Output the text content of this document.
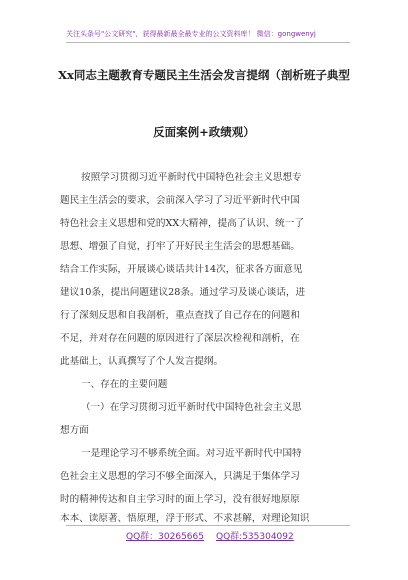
关注头条号"公文研究"，获得最新最全最专业的公文资料库！ 微信：gongwenyj
Xx同志主题教育专题民主生活会发言提纲（剖析班子典型
反面案例+政绩观）
按照学习贯彻习近平新时代中国特色社会主义思想专
题民主生活会的要求，会前深入学习了习近平新时代中国
特色社会主义思想和党的XX大精神，提高了认识、统一了
思想、增强了自觉，打牢了开好民主生活会的思想基础。
结合工作实际，开展谈心谈话共计14次，征求各方面意见
建议10条，提出问题建议28条。通过学习及谈心谈话，进
行了深刻反思和自我剖析，重点查找了自己存在的问题和
不足，并对存在问题的原因进行了深层次检视和剖析，在
此基础上，认真撰写了个人发言提纲。
一、存在的主要问题
（一）在学习贯彻习近平新时代中国特色社会主义思
想方面
一是理论学习不够系统全面。对习近平新时代中国特
色社会主义思想的学习不够全面深入，只满足于集体学习
时的精神传达和自主学习时的面上学习，没有很好地原原
本本、读原著、悟原理，浮于形式、不求甚解，对理论知识
QQ群：30265665 QQ群:535304092
